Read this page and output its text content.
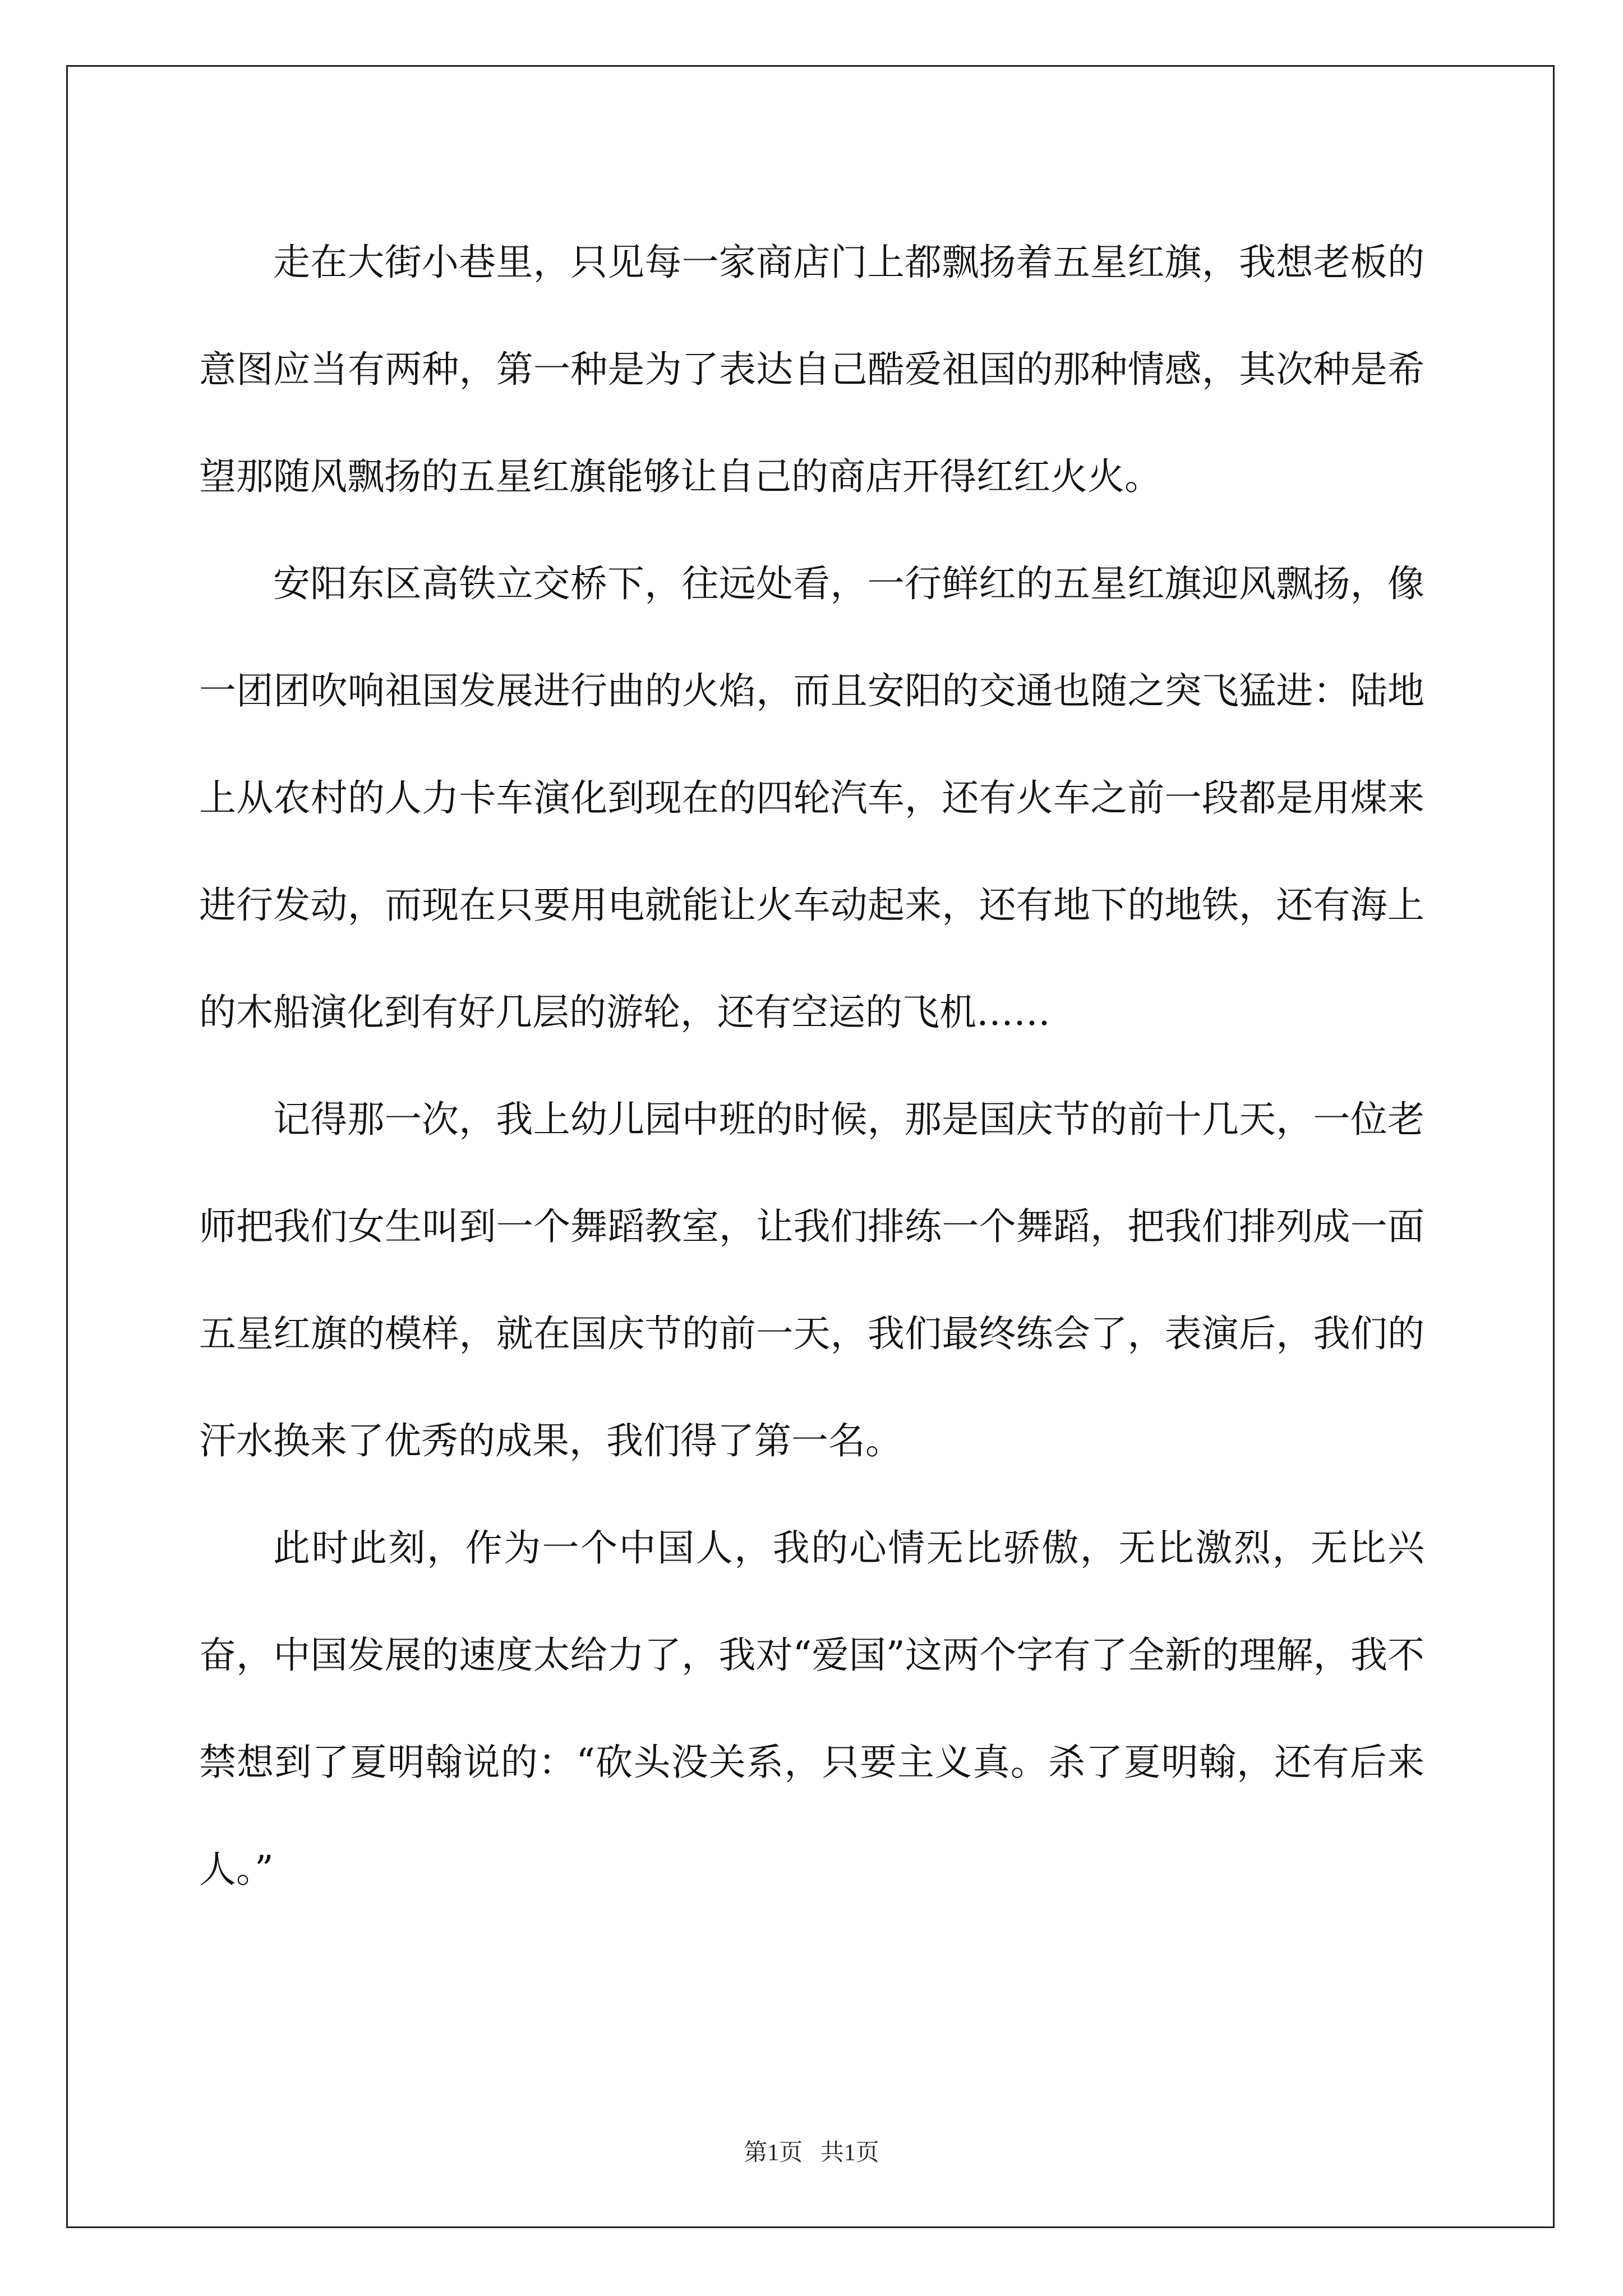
走在大街小巷里，只见每一家商店门上都飘扬着五星红旗，我想老板的意图应当有两种，第一种是为了表达自己酷爱祖国的那种情感，其次种是希望那随风飘扬的五星红旗能够让自己的商店开得红红火火。

安阳东区高铁立交桥下，往远处看，一行鲜红的五星红旗迎风飘扬，像一团团吹响祖国发展进行曲的火焰，而且安阳的交通也随之突飞猛进：陆地上从农村的人力卡车演化到现在的四轮汽车，还有火车之前一段都是用煤来进行发动，而现在只要用电就能让火车动起来，还有地下的地铁，还有海上的木船演化到有好几层的游轮，还有空运的飞机……

记得那一次，我上幼儿园中班的时候，那是国庆节的前十几天，一位老师把我们女生叫到一个舞蹈教室，让我们排练一个舞蹈，把我们排列成一面五星红旗的模样，就在国庆节的前一天，我们最终练会了，表演后，我们的汗水换来了优秀的成果，我们得了第一名。

此时此刻，作为一个中国人，我的心情无比骄傲，无比激烈，无比兴奋，中国发展的速度太给力了，我对“爱国”这两个字有了全新的理解，我不禁想到了夏明翰说的：“砍头没关系，只要主义真。杀了夏明翰，还有后来人。”

第1页 共1页
